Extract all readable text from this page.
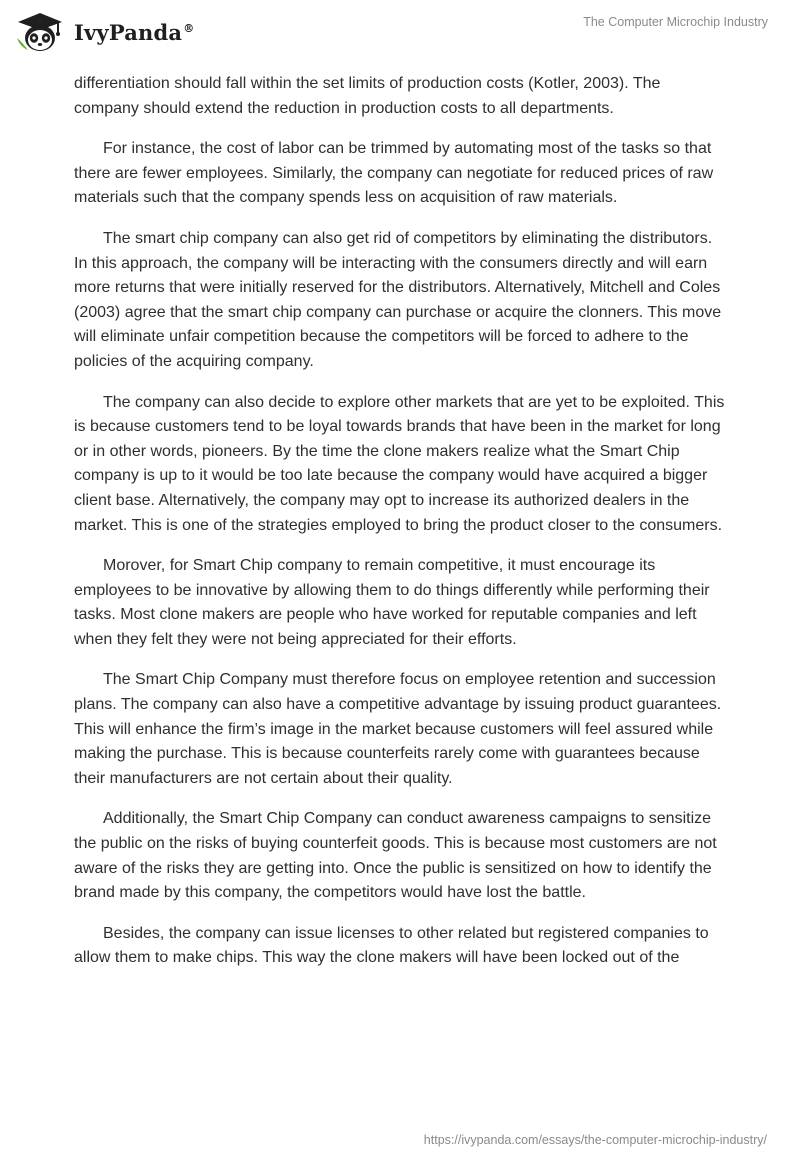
IvyPanda®	The Computer Microchip Industry

differentiation should fall within the set limits of production costs (Kotler, 2003). The company should extend the reduction in production costs to all departments.

For instance, the cost of labor can be trimmed by automating most of the tasks so that there are fewer employees. Similarly, the company can negotiate for reduced prices of raw materials such that the company spends less on acquisition of raw materials.

The smart chip company can also get rid of competitors by eliminating the distributors. In this approach, the company will be interacting with the consumers directly and will earn more returns that were initially reserved for the distributors. Alternatively, Mitchell and Coles (2003) agree that the smart chip company can purchase or acquire the clonners. This move will eliminate unfair competition because the competitors will be forced to adhere to the policies of the acquiring company.

The company can also decide to explore other markets that are yet to be exploited. This is because customers tend to be loyal towards brands that have been in the market for long or in other words, pioneers. By the time the clone makers realize what the Smart Chip company is up to it would be too late because the company would have acquired a bigger client base. Alternatively, the company may opt to increase its authorized dealers in the market. This is one of the strategies employed to bring the product closer to the consumers.

Morover, for Smart Chip company to remain competitive, it must encourage its employees to be innovative by allowing them to do things differently while performing their tasks. Most clone makers are people who have worked for reputable companies and left when they felt they were not being appreciated for their efforts.

The Smart Chip Company must therefore focus on employee retention and succession plans. The company can also have a competitive advantage by issuing product guarantees. This will enhance the firm’s image in the market because customers will feel assured while making the purchase. This is because counterfeits rarely come with guarantees because their manufacturers are not certain about their quality.

Additionally, the Smart Chip Company can conduct awareness campaigns to sensitize the public on the risks of buying counterfeit goods. This is because most customers are not aware of the risks they are getting into. Once the public is sensitized on how to identify the brand made by this company, the competitors would have lost the battle.

Besides, the company can issue licenses to other related but registered companies to allow them to make chips. This way the clone makers will have been locked out of the

https://ivypanda.com/essays/the-computer-microchip-industry/
